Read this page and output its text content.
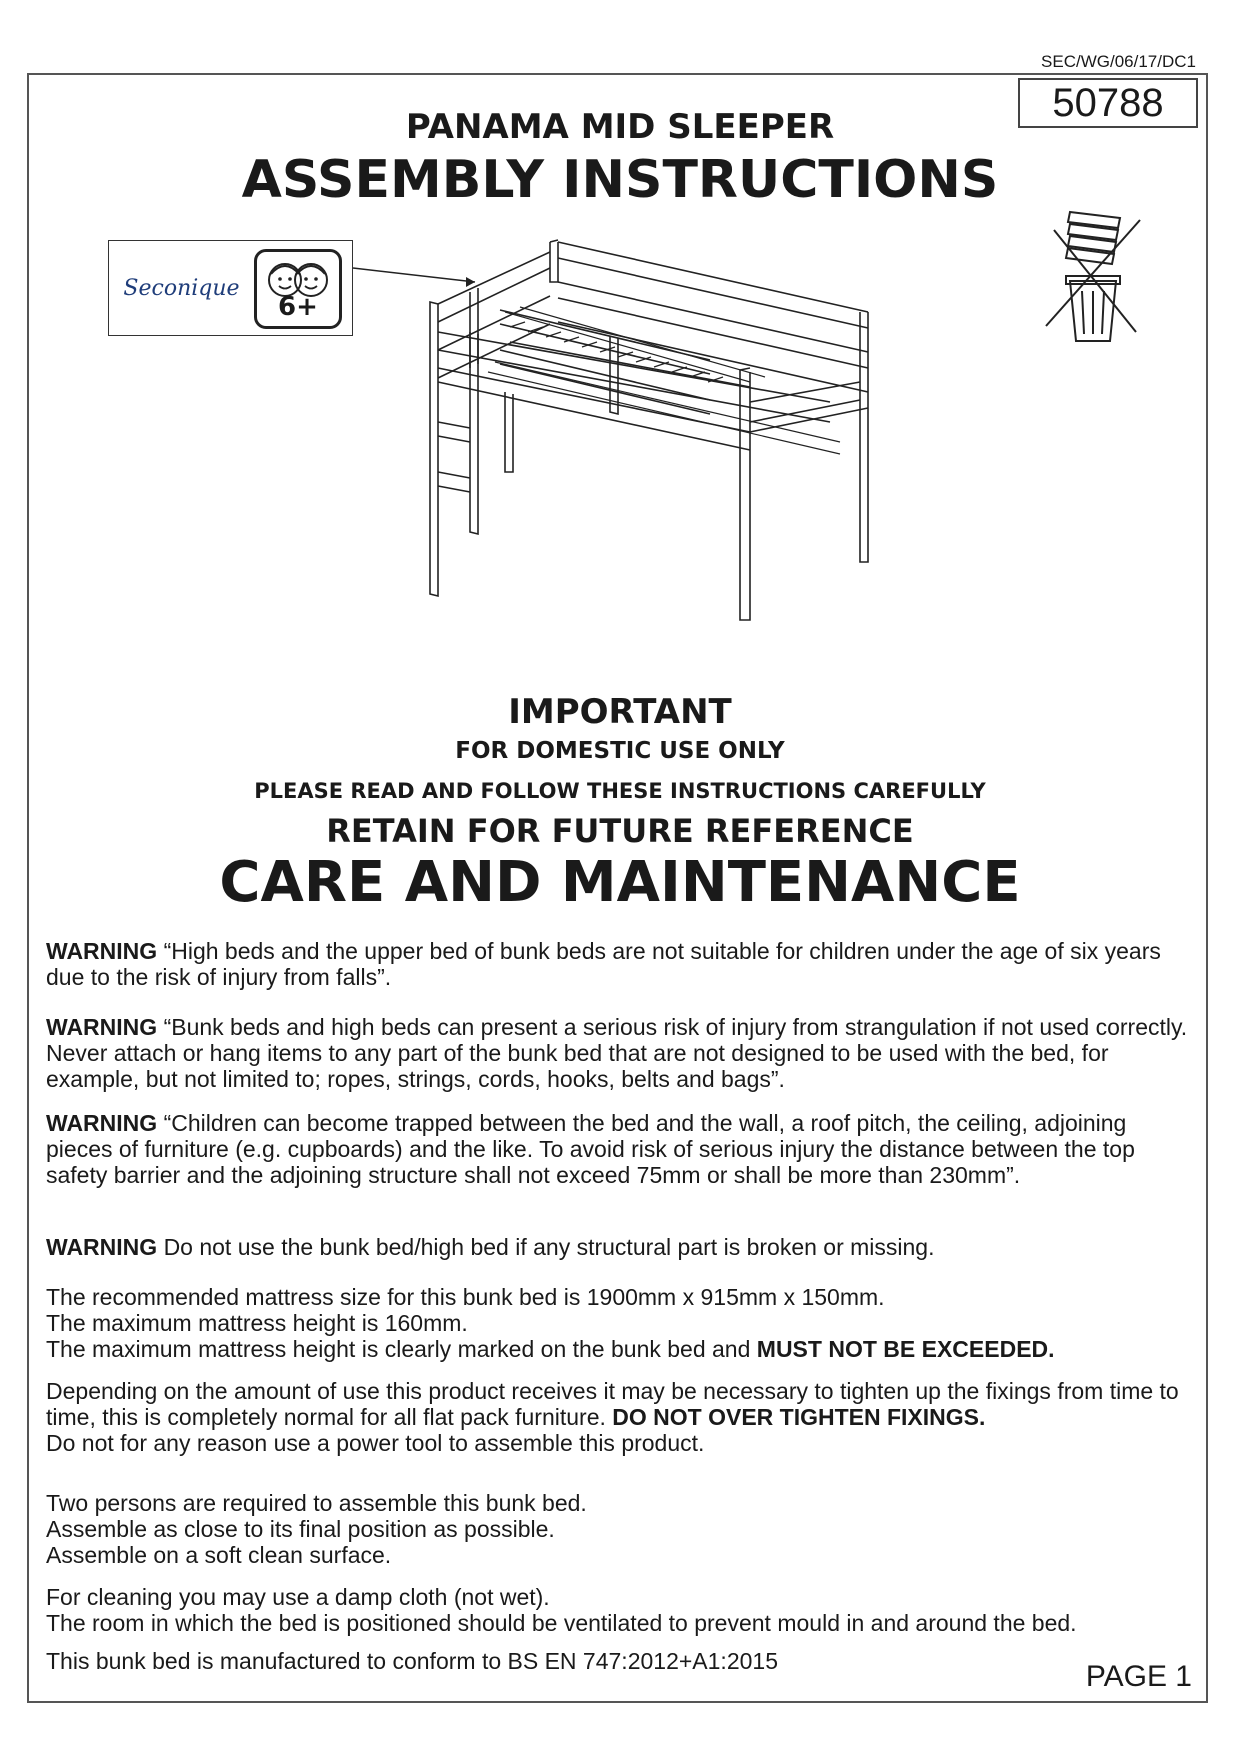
SEC/WG/06/17/DC1
50788
PANAMA MID SLEEPER
ASSEMBLY INSTRUCTIONS
Seconique
6+
IMPORTANT
FOR DOMESTIC USE ONLY
PLEASE READ AND FOLLOW THESE INSTRUCTIONS CAREFULLY
RETAIN FOR FUTURE REFERENCE
CARE AND MAINTENANCE
WARNING “High beds and the upper bed of bunk beds are not suitable for children under the age of six years due to the risk of injury from falls”.
WARNING “Bunk beds and high beds can present a serious risk of injury from strangulation if not used correctly. Never attach or hang items to any part of the bunk bed that are not designed to be used with the bed, for example, but not limited to; ropes, strings, cords, hooks, belts and bags”.
WARNING “Children can become trapped between the bed and the wall, a roof pitch, the ceiling, adjoining pieces of furniture (e.g. cupboards) and the like. To avoid risk of serious injury the distance between the top safety barrier and the adjoining structure shall not exceed 75mm or shall be more than 230mm”.
WARNING Do not use the bunk bed/high bed if any structural part is broken or missing.
The recommended mattress size for this bunk bed is 1900mm x 915mm x 150mm.
The maximum mattress height is 160mm.
The maximum mattress height is clearly marked on the bunk bed and MUST NOT BE EXCEEDED.
Depending on the amount of use this product receives it may be necessary to tighten up the fixings from time to time, this is completely normal for all flat pack furniture. DO NOT OVER TIGHTEN FIXINGS.
Do not for any reason use a power tool to assemble this product.
Two persons are required to assemble this bunk bed.
Assemble as close to its final position as possible.
Assemble on a soft clean surface.
For cleaning you may use a damp cloth (not wet).
The room in which the bed is positioned should be ventilated to prevent mould in and around the bed.
This bunk bed is manufactured to conform to BS EN 747:2012+A1:2015	PAGE 1
